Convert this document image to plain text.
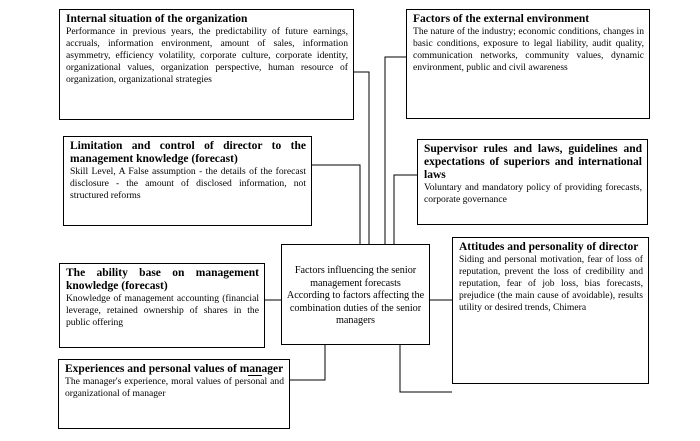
Internal situation of the organization
Performance in previous years, the predictability of future earnings, accruals, information environment, amount of sales, information asymmetry, efficiency volatility, corporate culture, corporate identity, organizational values, organization perspective, human resource of organization, organizational strategies
Factors of the external environment
The nature of the industry; economic conditions, changes in basic conditions, exposure to legal liability, audit quality, communication networks, community values, dynamic environment, public and civil awareness
Limitation and control of director to the management knowledge (forecast)
Skill Level, A False assumption - the details of the forecast disclosure - the amount of disclosed information, not structured reforms
Supervisor rules and laws, guidelines and expectations of superiors and international laws
Voluntary and mandatory policy of providing forecasts, corporate governance
Attitudes and personality of director
Siding and personal motivation, fear of loss of reputation, prevent the loss of credibility and reputation, fear of job loss, bias forecasts, prejudice (the main cause of avoidable), results utility or desired trends, Chimera
The ability base on management knowledge (forecast)
Knowledge of management accounting (financial leverage, retained ownership of shares in the public offering
Factors influencing the senior management forecasts
According to factors affecting the combination duties of the senior managers
Experiences and personal values of manager
The manager's experience, moral values of personal and organizational of manager
